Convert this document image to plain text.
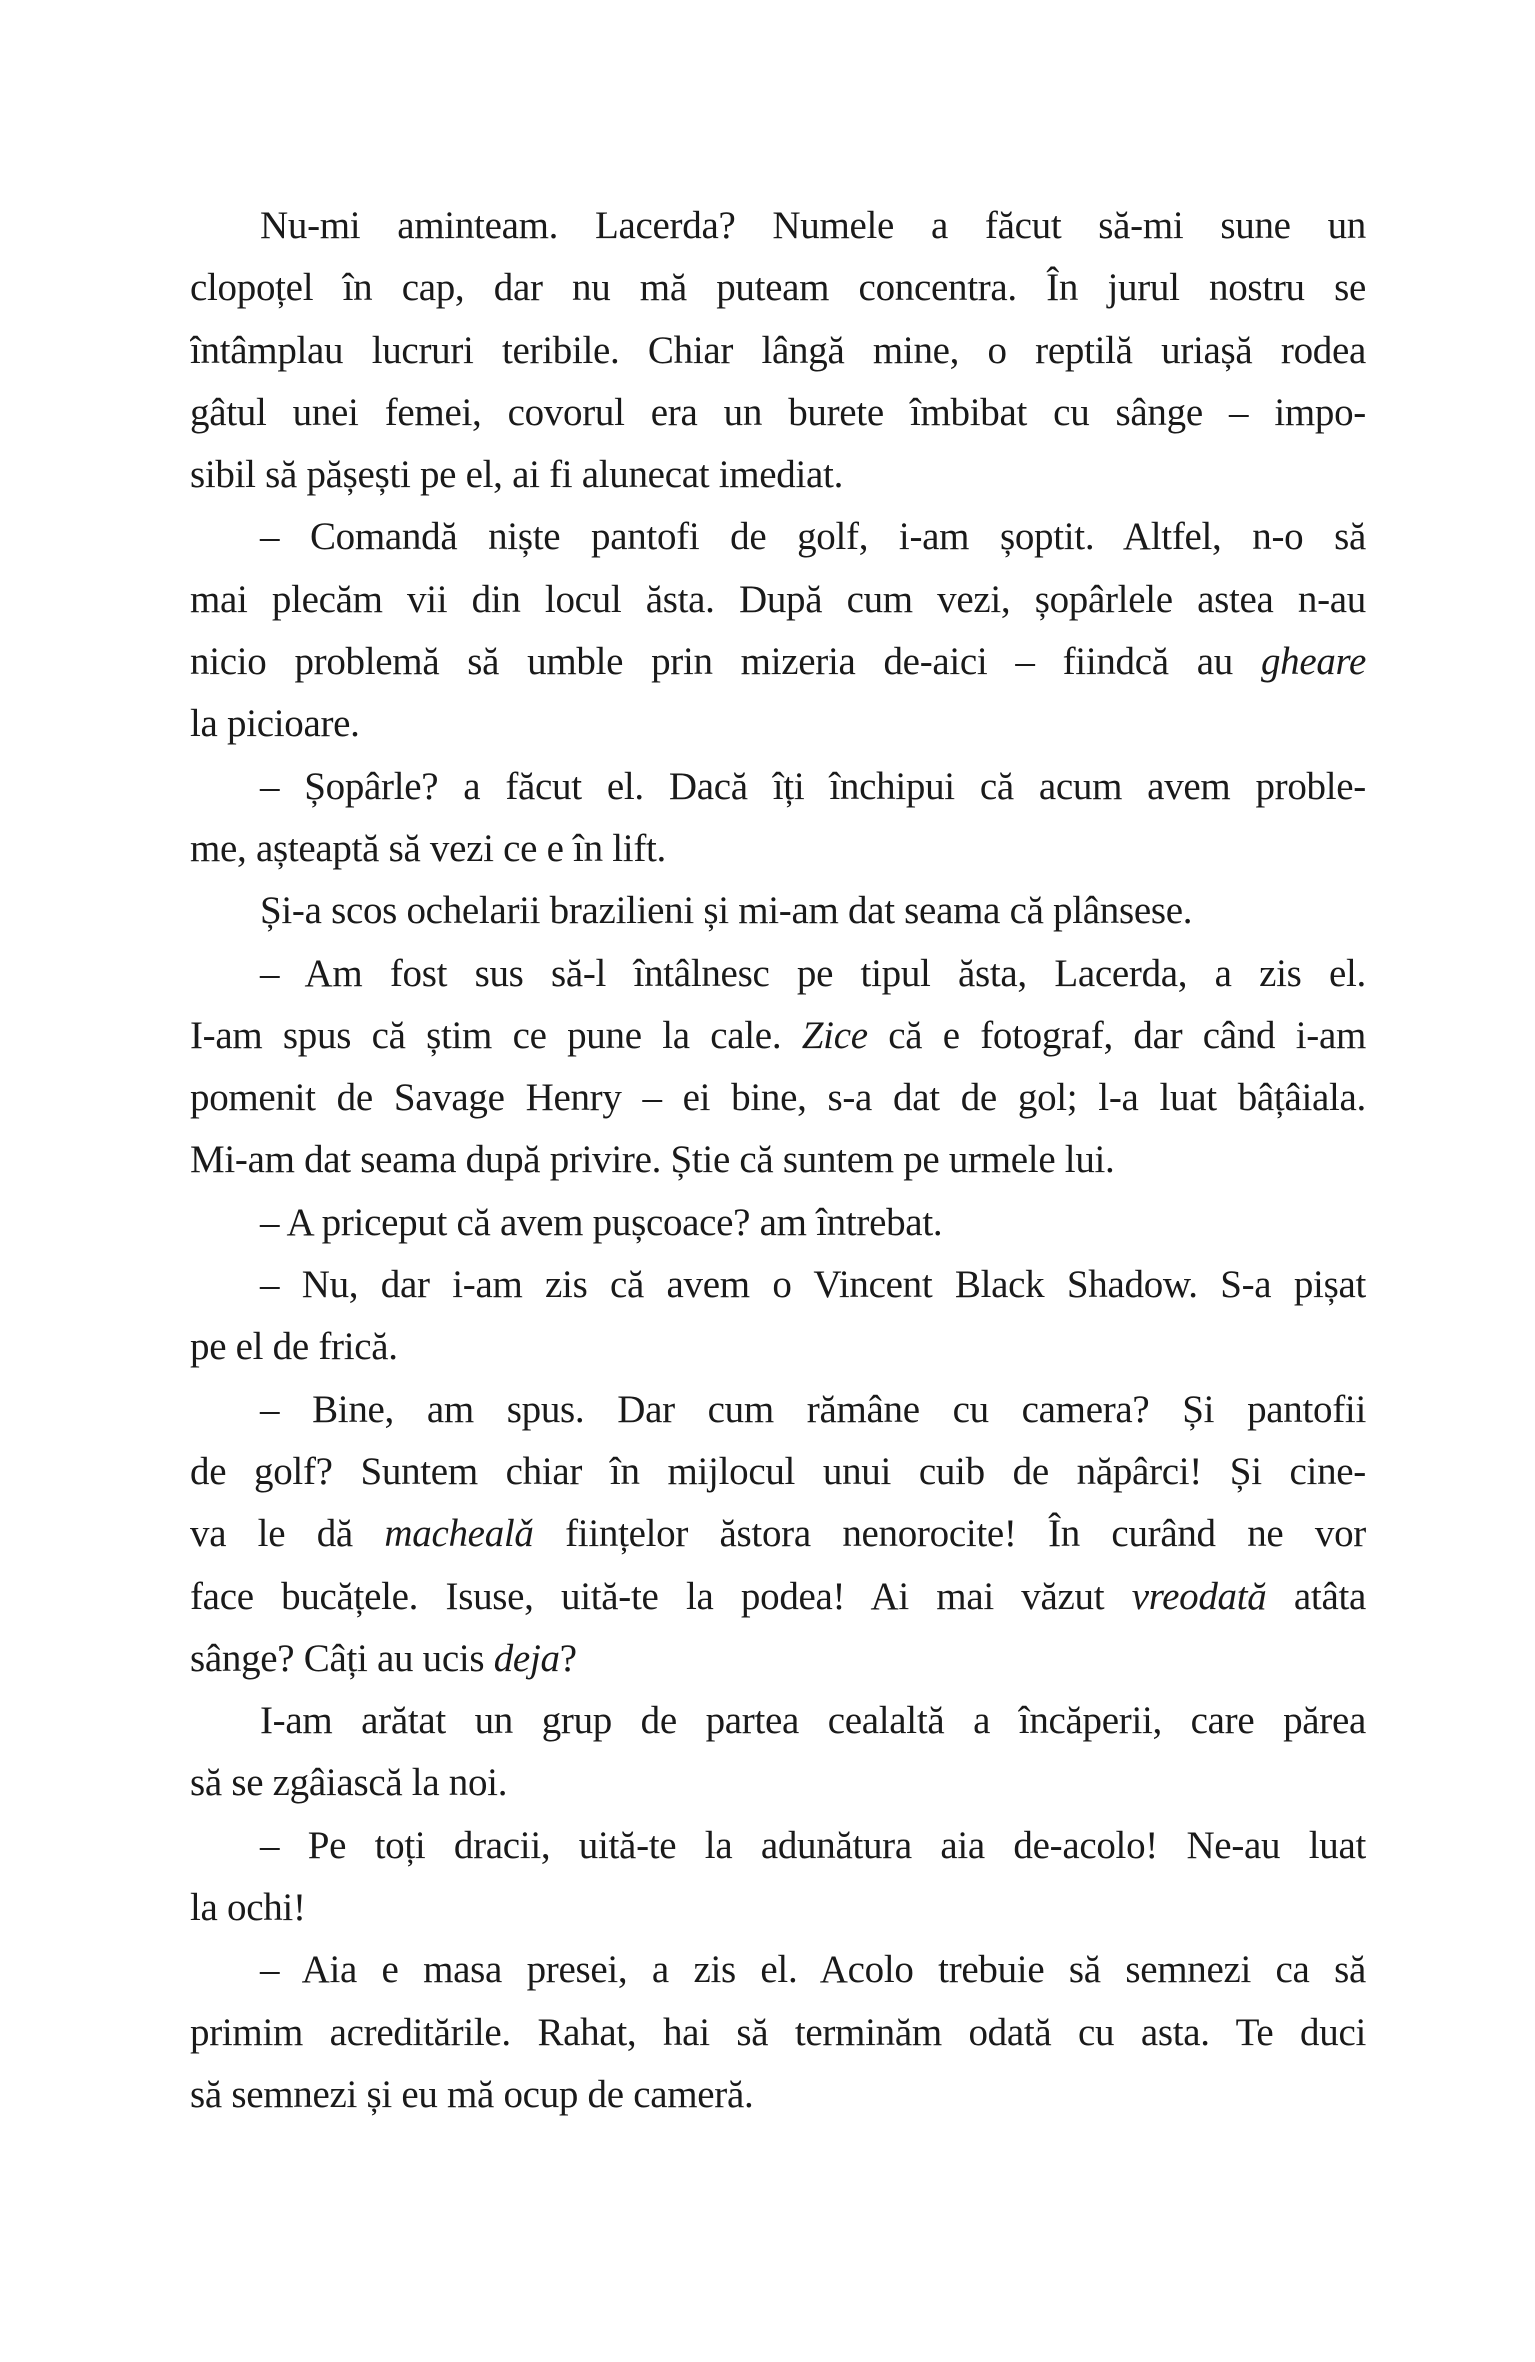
Nu-mi aminteam. Lacerda? Numele a făcut să-mi sune un
clopoțel în cap, dar nu mă puteam concentra. În jurul nostru se
întâmplau lucruri teribile. Chiar lângă mine, o reptilă uriașă rodea
gâtul unei femei, covorul era un burete îmbibat cu sânge – impo-
sibil să pășești pe el, ai fi alunecat imediat.
– Comandă niște pantofi de golf, i-am șoptit. Altfel, n-o să
mai plecăm vii din locul ăsta. După cum vezi, șopârlele astea n-au
nicio problemă să umble prin mizeria de-aici – fiindcă au gheare
la picioare.
– Șopârle? a făcut el. Dacă îți închipui că acum avem proble-
me, așteaptă să vezi ce e în lift.
Și-a scos ochelarii brazilieni și mi-am dat seama că plânsese.
– Am fost sus să-l întâlnesc pe tipul ăsta, Lacerda, a zis el.
I-am spus că știm ce pune la cale. Zice că e fotograf, dar când i-am
pomenit de Savage Henry – ei bine, s-a dat de gol; l-a luat bâțâiala.
Mi-am dat seama după privire. Știe că suntem pe urmele lui.
– A priceput că avem pușcoace? am întrebat.
– Nu, dar i-am zis că avem o Vincent Black Shadow. S-a pișat
pe el de frică.
– Bine, am spus. Dar cum rămâne cu camera? Și pantofii
de golf? Suntem chiar în mijlocul unui cuib de năpârci! Și cine-
va le dă machealǎ ființelor ăstora nenorocite! În curând ne vor
face bucățele. Isuse, uită-te la podea! Ai mai văzut vreodată atâta
sânge? Câți au ucis deja?
I-am arătat un grup de partea cealaltă a încăperii, care părea
să se zgâiască la noi.
– Pe toți dracii, uită-te la adunătura aia de-acolo! Ne-au luat
la ochi!
– Aia e masa presei, a zis el. Acolo trebuie să semnezi ca să
primim acreditările. Rahat, hai să terminăm odată cu asta. Te duci
să semnezi și eu mă ocup de cameră.
